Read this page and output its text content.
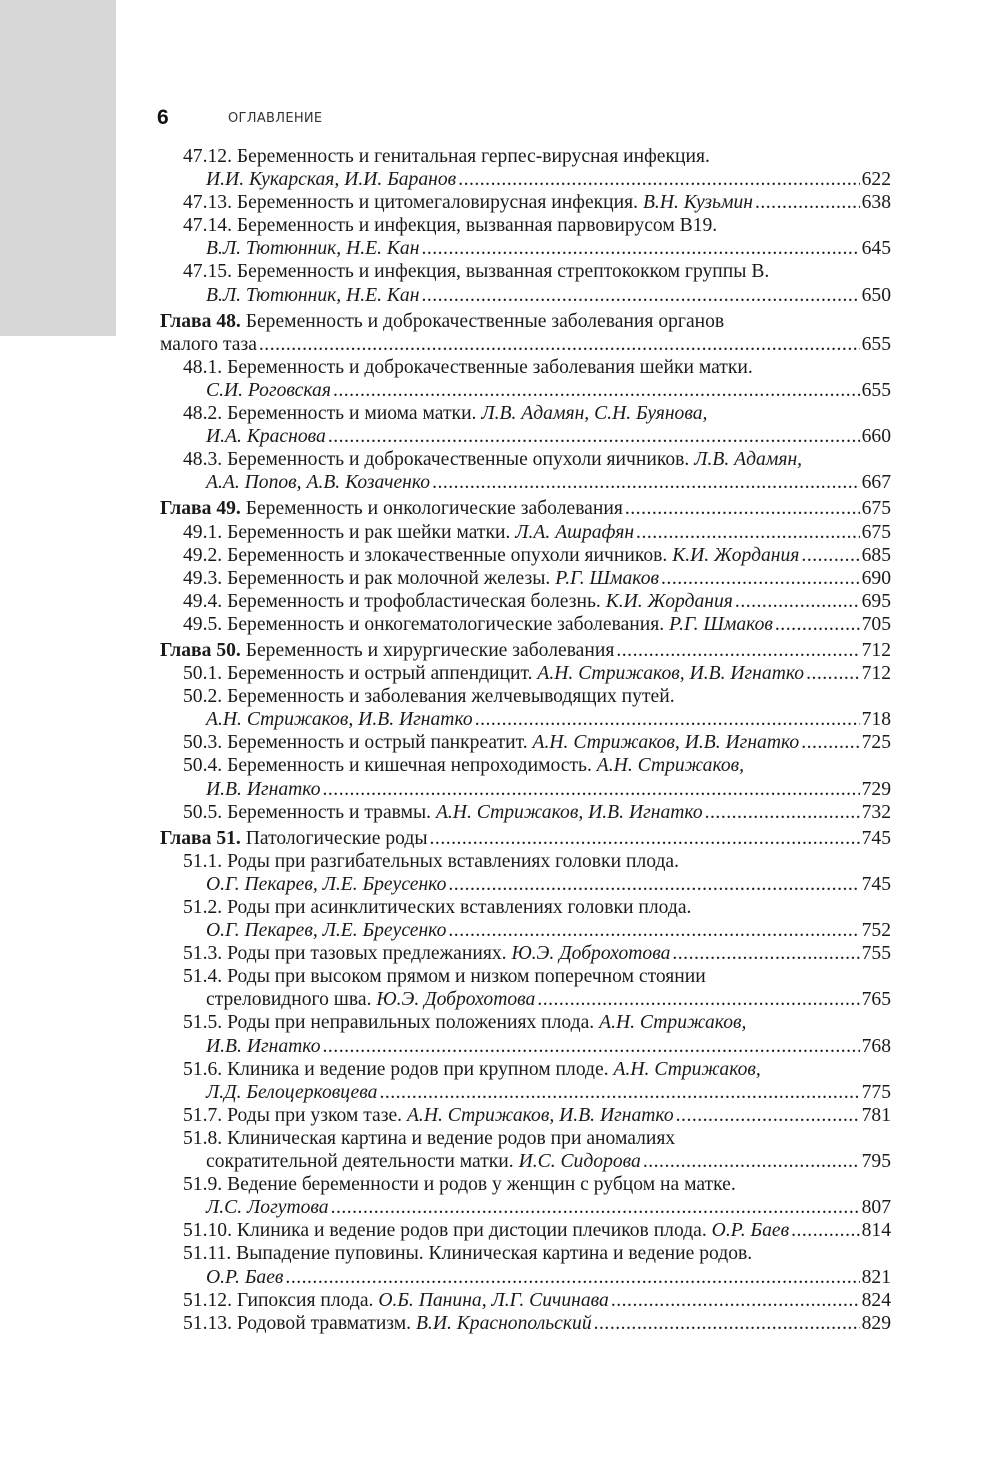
6	ОГЛАВЛЕНИЕ
47.12. Беременность и генитальная герпес-вирусная инфекция.
И.И. Кукарская, И.И. Баранов .....	622
47.13. Беременность и цитомегаловирусная инфекция. В.Н. Кузьмин .....	638
47.14. Беременность и инфекция, вызванная парвовирусом B19.
В.Л. Тютюнник, Н.Е. Кан .....	645
47.15. Беременность и инфекция, вызванная стрептококком группы B.
В.Л. Тютюнник, Н.Е. Кан .....	650
Глава 48. Беременность и доброкачественные заболевания органов
малого таза .....	655
48.1. Беременность и доброкачественные заболевания шейки матки.
С.И. Роговская .....	655
48.2. Беременность и миома матки. Л.В. Адамян, С.Н. Буянова,
И.А. Краснова .....	660
48.3. Беременность и доброкачественные опухоли яичников. Л.В. Адамян,
А.А. Попов, А.В. Козаченко .....	667
Глава 49. Беременность и онкологические заболевания .....	675
49.1. Беременность и рак шейки матки. Л.А. Ашрафян .....	675
49.2. Беременность и злокачественные опухоли яичников. К.И. Жордания .....	685
49.3. Беременность и рак молочной железы. Р.Г. Шмаков .....	690
49.4. Беременность и трофобластическая болезнь. К.И. Жордания .....	695
49.5. Беременность и онкогематологические заболевания. Р.Г. Шмаков .....	705
Глава 50. Беременность и хирургические заболевания .....	712
50.1. Беременность и острый аппендицит. А.Н. Стрижаков, И.В. Игнатко .....	712
50.2. Беременность и заболевания желчевыводящих путей.
А.Н. Стрижаков, И.В. Игнатко .....	718
50.3. Беременность и острый панкреатит. А.Н. Стрижаков, И.В. Игнатко .....	725
50.4. Беременность и кишечная непроходимость. А.Н. Стрижаков,
И.В. Игнатко .....	729
50.5. Беременность и травмы. А.Н. Стрижаков, И.В. Игнатко .....	732
Глава 51. Патологические роды .....	745
51.1. Роды при разгибательных вставлениях головки плода.
О.Г. Пекарев, Л.Е. Бреусенко .....	745
51.2. Роды при асинклитических вставлениях головки плода.
О.Г. Пекарев, Л.Е. Бреусенко .....	752
51.3. Роды при тазовых предлежаниях. Ю.Э. Доброхотова .....	755
51.4. Роды при высоком прямом и низком поперечном стоянии
стреловидного шва. Ю.Э. Доброхотова .....	765
51.5. Роды при неправильных положениях плода. А.Н. Стрижаков,
И.В. Игнатко .....	768
51.6. Клиника и ведение родов при крупном плоде. А.Н. Стрижаков,
Л.Д. Белоцерковцева .....	775
51.7. Роды при узком тазе. А.Н. Стрижаков, И.В. Игнатко .....	781
51.8. Клиническая картина и ведение родов при аномалиях
сократительной деятельности матки. И.С. Сидорова .....	795
51.9. Ведение беременности и родов у женщин с рубцом на матке.
Л.С. Логутова .....	807
51.10. Клиника и ведение родов при дистоции плечиков плода. О.Р. Баев .....	814
51.11. Выпадение пуповины. Клиническая картина и ведение родов.
О.Р. Баев .....	821
51.12. Гипоксия плода. О.Б. Панина, Л.Г. Сичинава .....	824
51.13. Родовой травматизм. В.И. Краснопольский .....	829
